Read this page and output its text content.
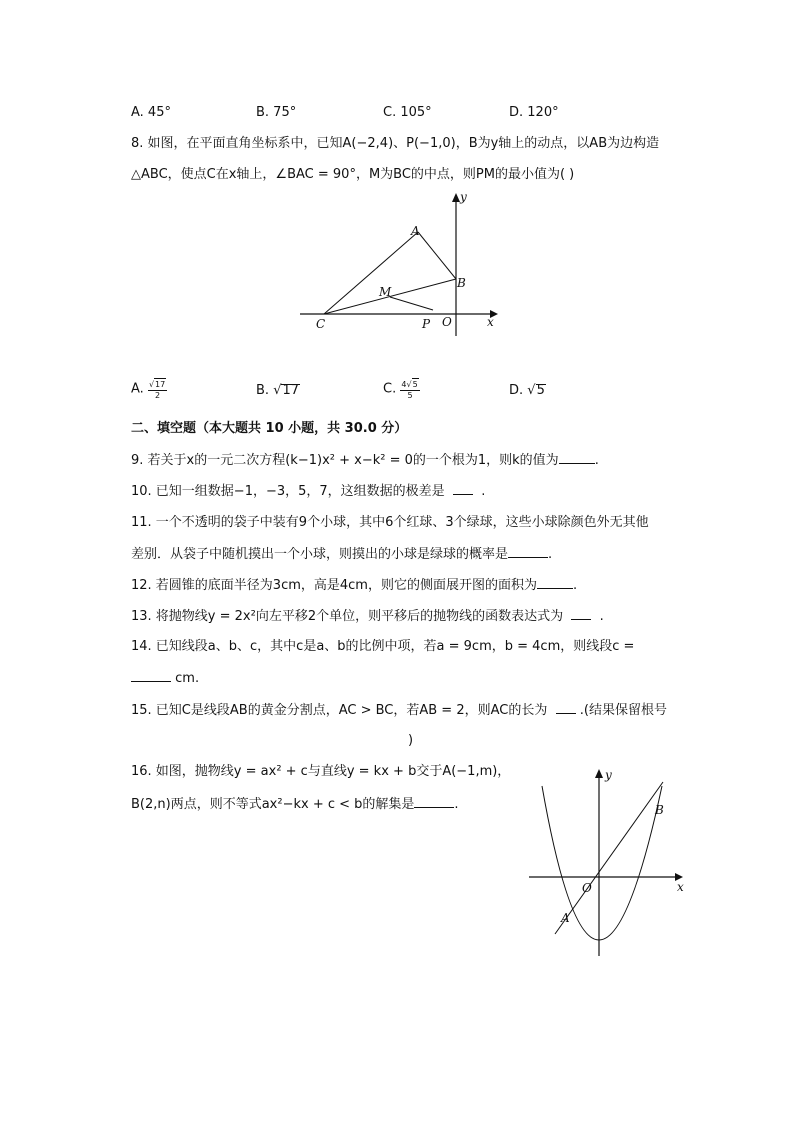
A. 45°	B. 75°	C. 105°	D. 120°
8. 如图，在平面直角坐标系中，已知A(−2,4)、P(−1,0)，B为y轴上的动点，以AB为边构造
△ABC，使点C在x轴上，∠BAC = 90°，M为BC的中点，则PM的最小值为( )
A
B
M
C	P O	x
y
A. $\frac{√17}{2}$	B. √17	C. $\frac{4√5}{5}$	D. √5
二、填空题（本大题共 10 小题，共 30.0 分）
9. 若关于x的一元二次方程(k−1)x² + x−k² = 0的一个根为1，则k的值为	.
10. 已知一组数据−1，−3，5，7，这组数据的极差是	.
11. 一个不透明的袋子中装有9个小球，其中6个红球、3个绿球，这些小球除颜色外无其他
差别．从袋子中随机摸出一个小球，则摸出的小球是绿球的概率是	.
12. 若圆锥的底面半径为3cm，高是4cm，则它的侧面展开图的面积为	.
13. 将抛物线y = 2x²向左平移2个单位，则平移后的抛物线的函数表达式为	.
14. 已知线段a、b、c，其中c是a、b的比例中项，若a = 9cm，b = 4cm，则线段c =
cm.
15. 已知C是线段AB的黄金分割点，AC > BC，若AB = 2，则AC的长为 .(结果保留根号
)
16. 如图，抛物线y = ax² + c与直线y = kx + b交于A(−1,m)，
B(2,n)两点，则不等式ax²−kx + c < b的解集是	.
A
B
O	x
y
